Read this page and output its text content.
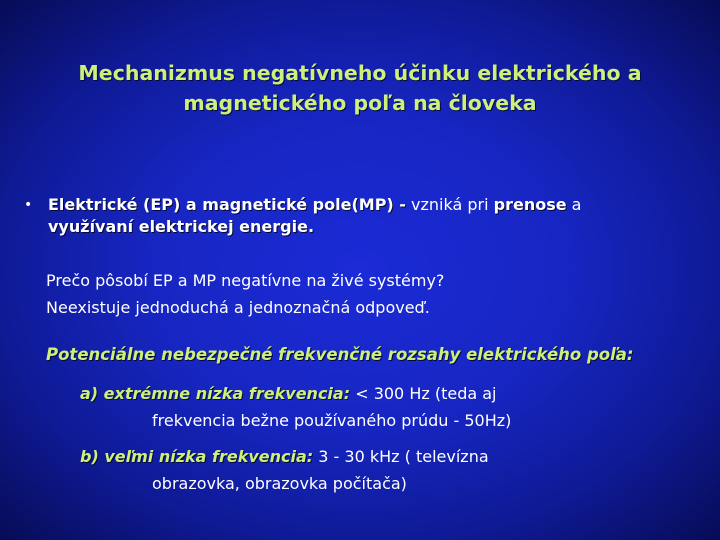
Mechanizmus negatívneho účinku elektrického a
magnetického poľa na človeka
• Elektrické (EP) a magnetické pole(MP) - vzniká pri prenose a
využívaní elektrickej energie.
Prečo pôsobí EP a MP negatívne na živé systémy?
Neexistuje jednoduchá a jednoznačná odpoveď.
Potenciálne nebezpečné frekvenčné rozsahy elektrického poľa:
a) extrémne nízka frekvencia: < 300 Hz (teda aj
frekvencia bežne používaného prúdu - 50Hz)
b) veľmi nízka frekvencia: 3 - 30 kHz ( televízna
obrazovka, obrazovka počítača)
